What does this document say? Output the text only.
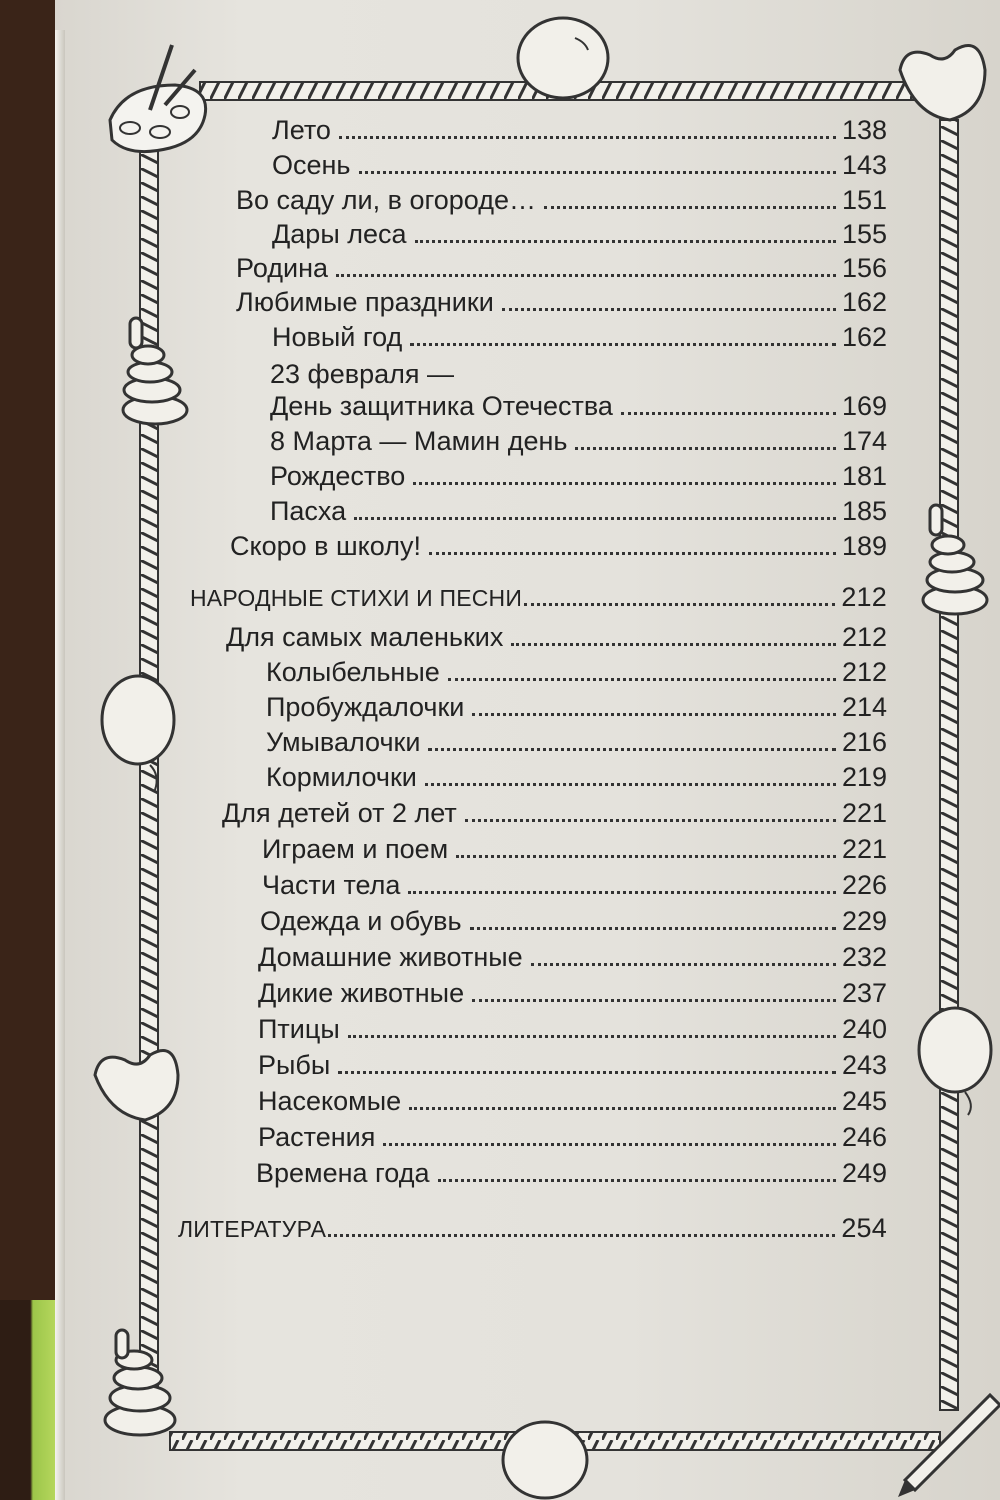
Лето	138
Осень	143
Во саду ли, в огороде…	151
Дары леса	155
Родина	156
Любимые праздники	162
Новый год	162
23 февраля —
День защитника Отечества	169
8 Марта — Мамин день	174
Рождество	181
Пасха	185
Скоро в школу!	189
НАРОДНЫЕ СТИХИ И ПЕСНИ	212
Для самых маленьких	212
Колыбельные	212
Пробуждалочки	214
Умывалочки	216
Кормилочки	219
Для детей от 2 лет	221
Играем и поем	221
Части тела	226
Одежда и обувь	229
Домашние животные	232
Дикие животные	237
Птицы	240
Рыбы	243
Насекомые	245
Растения	246
Времена года	249
ЛИТЕРАТУРА	254
